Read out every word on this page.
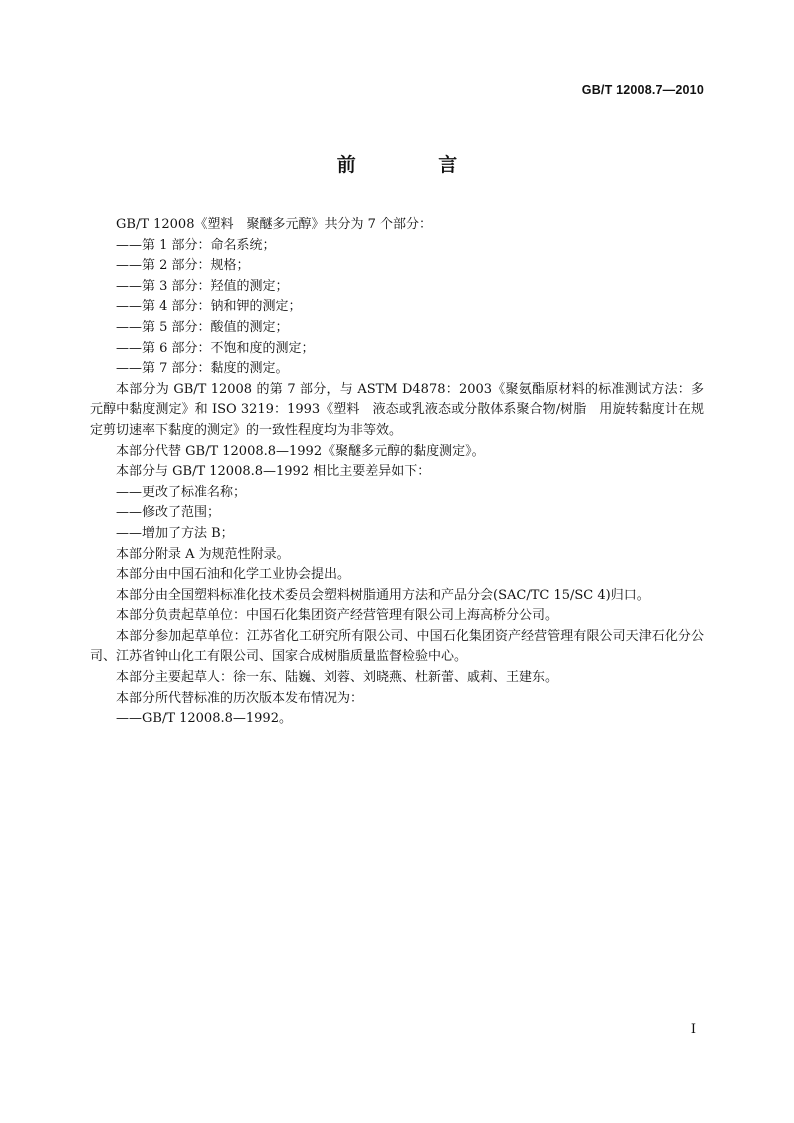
GB/T 12008.7—2010
前 言

GB/T 12008《塑料　聚醚多元醇》共分为 7 个部分：

——第 1 部分：命名系统；

——第 2 部分：规格；

——第 3 部分：羟值的测定；

——第 4 部分：钠和钾的测定；

——第 5 部分：酸值的测定；

——第 6 部分：不饱和度的测定；

——第 7 部分：黏度的测定。

本部分为 GB/T 12008 的第 7 部分，与 ASTM D4878：2003《聚氨酯原材料的标准测试方法：多元醇中黏度测定》和 ISO 3219：1993《塑料　液态或乳液态或分散体系聚合物/树脂　用旋转黏度计在规定剪切速率下黏度的测定》的一致性程度均为非等效。

本部分代替 GB/T 12008.8—1992《聚醚多元醇的黏度测定》。

本部分与 GB/T 12008.8—1992 相比主要差异如下：

——更改了标准名称；

——修改了范围；

——增加了方法 B；

本部分附录 A 为规范性附录。

本部分由中国石油和化学工业协会提出。

本部分由全国塑料标准化技术委员会塑料树脂通用方法和产品分会(SAC/TC 15/SC 4)归口。

本部分负责起草单位：中国石化集团资产经营管理有限公司上海高桥分公司。

本部分参加起草单位：江苏省化工研究所有限公司、中国石化集团资产经营管理有限公司天津石化分公司、江苏省钟山化工有限公司、国家合成树脂质量监督检验中心。

本部分主要起草人：徐一东、陆巍、刘蓉、刘晓燕、杜新蕾、戚莉、王建东。

本部分所代替标准的历次版本发布情况为：

——GB/T 12008.8—1992。

I
